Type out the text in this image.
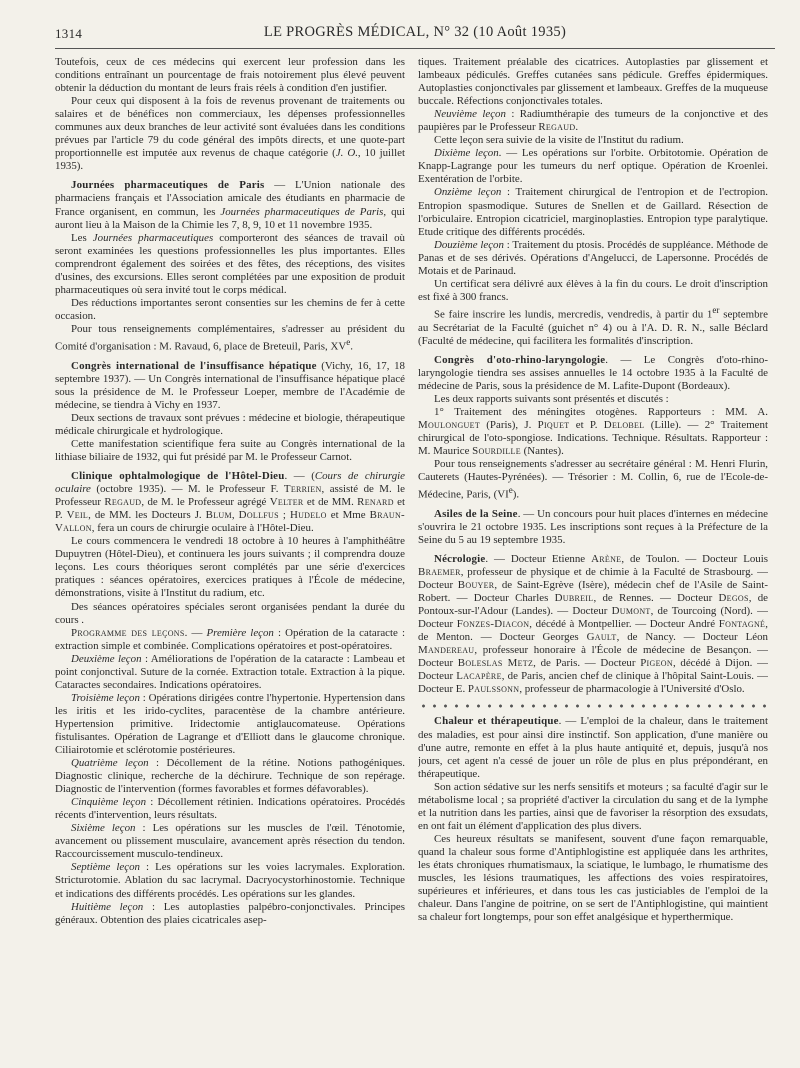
1314	LE PROGRÈS MÉDICAL, N° 32 (10 Août 1935)

Toutefois, ceux de ces médecins qui exercent leur profession dans les conditions entraînant un pourcentage de frais notoirement plus élevé peuvent obtenir la déduction du montant de leurs frais réels à condition d'en justifier.

Pour ceux qui disposent à la fois de revenus provenant de traitements ou salaires et de bénéfices non commerciaux, les dépenses professionnelles communes aux deux branches de leur activité sont évaluées dans les conditions prévues par l'article 79 du code général des impôts directs, et une quote-part proportionnelle est imputée aux revenus de chaque catégorie (J. O., 10 juillet 1935).

Journées pharmaceutiques de Paris — L'Union nationale des pharmaciens français et l'Association amicale des étudiants en pharmacie de France organisent, en commun, les Journées pharmaceutiques de Paris, qui auront lieu à la Maison de la Chimie les 7, 8, 9, 10 et 11 novembre 1935.

Les Journées pharmaceutiques comporteront des séances de travail où seront examinées les questions professionnelles les plus importantes. Elles comprendront également des soirées et des fêtes, des réceptions, des visites d'usines, des excursions. Elles seront complétées par une exposition de produit pharmaceutiques où sera invité tout le corps médical.

Des réductions importantes seront consenties sur les chemins de fer à cette occasion.

Pour tous renseignements complémentaires, s'adresser au président du Comité d'organisation : M. Ravaud, 6, place de Breteuil, Paris, XVe.

Congrès international de l'insuffisance hépatique (Vichy, 16, 17, 18 septembre 1937). — Un Congrès international de l'insuffisance hépatique placé sous la présidence de M. le Professeur Loeper, membre de l'Académie de médecine, se tiendra à Vichy en 1937.

Deux sections de travaux sont prévues : médecine et biologie, thérapeutique médicale chirurgicale et hydrologique.

Cette manifestation scientifique fera suite au Congrès international de la lithiase biliaire de 1932, qui fut présidé par M. le Professeur Carnot.

Clinique ophtalmologique de l'Hôtel-Dieu. — (Cours de chirurgie oculaire (octobre 1935). — M. le Professeur F. Terrien, assisté de M. le Professeur Regaud, de M. le Professeur agrégé Velter et de MM. Renard et P. Veil, de MM. les Docteurs J. Blum, Dollfus ; Hudelo et Mme Braun-Vallon, fera un cours de chirurgie oculaire à l'Hôtel-Dieu.

Le cours commencera le vendredi 18 octobre à 10 heures à l'amphithéâtre Dupuytren (Hôtel-Dieu), et continuera les jours suivants ; il comprendra douze leçons. Les cours théoriques seront complétés par une série d'exercices pratiques : séances opératoires, exercices pratiques à l'École de médecine, démonstrations, visite à l'Institut du radium, etc.

Des séances opératoires spéciales seront organisées pendant la durée du cours .

Programme des leçons. — Première leçon : Opération de la cataracte : extraction simple et combinée. Complications opératoires et post-opératoires.

Deuxième leçon : Améliorations de l'opération de la cataracte : Lambeau et point conjonctival. Suture de la cornée. Extraction totale. Extraction à la pique. Cataractes secondaires. Indications opératoires.

Troisième leçon : Opérations dirigées contre l'hypertonie. Hypertension dans les iritis et les irido-cyclites, paracentèse de la chambre antérieure. Hypertension primitive. Iridectomie antiglaucomateuse. Opérations fistulisantes. Opération de Lagrange et d'Elliott dans le glaucome chronique. Ciliairotomie et sclérotomie postérieures.

Quatrième leçon : Décollement de la rétine. Notions pathogéniques. Diagnostic clinique, recherche de la déchirure. Technique de son repérage. Diagnostic de l'intervention (formes favorables et formes défavorables).

Cinquième leçon : Décollement rétinien. Indications opératoires. Procédés récents d'intervention, leurs résultats.

Sixième leçon : Les opérations sur les muscles de l'œil. Ténotomie, avancement ou plissement musculaire, avancement après résection du tendon. Raccourcissement musculo-tendineux.

Septième leçon : Les opérations sur les voies lacrymales. Exploration. Stricturotomie. Ablation du sac lacrymal. Dacryocystorhinostomie. Technique et indications des différents procédés. Les opérations sur les glandes.

Huitième leçon : Les autoplasties palpébro-conjonctivales. Principes généraux. Obtention des plaies cicatricales asep-

tiques. Traitement préalable des cicatrices. Autoplasties par glissement et lambeaux pédiculés. Greffes cutanées sans pédicule. Greffes épidermiques. Autoplasties conjonctivales par glissement et lambeaux. Greffes de la muqueuse buccale. Réfections conjonctivales totales.

Neuvième leçon : Radiumthérapie des tumeurs de la conjonctive et des paupières par le Professeur Regaud.

Cette leçon sera suivie de la visite de l'Institut du radium.

Dixième leçon. — Les opérations sur l'orbite. Orbitotomie. Opération de Knapp-Lagrange pour les tumeurs du nerf optique. Opération de Kroenlei. Exentération de l'orbite.

Onzième leçon : Traitement chirurgical de l'entropion et de l'ectropion. Entropion spasmodique. Sutures de Snellen et de Gaillard. Résection de l'orbiculaire. Entropion cicatriciel, marginoplasties. Entropion type paralytique. Etude critique des différents procédés.

Douzième leçon : Traitement du ptosis. Procédés de suppléance. Méthode de Panas et de ses dérivés. Opérations d'Angelucci, de Lapersonne. Procédés de Motais et de Parinaud.

Un certificat sera délivré aux élèves à la fin du cours. Le droit d'inscription est fixé à 300 francs.

Se faire inscrire les lundis, mercredis, vendredis, à partir du 1er septembre au Secrétariat de la Faculté (guichet n° 4) ou à l'A. D. R. N., salle Béclard (Faculté de médecine, qui facilitera les formalités d'inscription.

Congrès d'oto-rhino-laryngologie. — Le Congrès d'oto-rhino-laryngologie tiendra ses assises annuelles le 14 octobre 1935 à la Faculté de médecine de Paris, sous la présidence de M. Lafite-Dupont (Bordeaux).

Les deux rapports suivants sont présentés et discutés :

1° Traitement des méningites otogènes. Rapporteurs : MM. A. Moulonguet (Paris), J. Piquet et P. Delobel (Lille). — 2° Traitement chirurgical de l'oto-spongiose. Indications. Technique. Résultats. Rapporteur : M. Maurice Sourdille (Nantes).

Pour tous renseignements s'adresser au secrétaire général : M. Henri Flurin, Cauterets (Hautes-Pyrénées). — Trésorier : M. Collin, 6, rue de l'Ecole-de-Médecine, Paris, (VIe).

Asiles de la Seine. — Un concours pour huit places d'internes en médecine s'ouvrira le 21 octobre 1935. Les inscriptions sont reçues à la Préfecture de la Seine du 5 au 19 septembre 1935.

Nécrologie. — Docteur Etienne Arène, de Toulon. — Docteur Louis Braemer, professeur de physique et de chimie à la Faculté de Strasbourg. — Docteur Bouyer, de Saint-Egrève (Isère), médecin chef de l'Asile de Saint-Robert. — Docteur Charles Dubreil, de Rennes. — Docteur Degos, de Pontoux-sur-l'Adour (Landes). — Docteur Dumont, de Tourcoing (Nord). — Docteur Fonzes-Diacon, décédé à Montpellier. — Docteur André Fontagné, de Menton. — Docteur Georges Gault, de Nancy. — Docteur Léon Mandereau, professeur honoraire à l'École de médecine de Besançon. — Docteur Boleslas Metz, de Paris. — Docteur Pigeon, décédé à Dijon. — Docteur Lacapère, de Paris, ancien chef de clinique à l'hôpital Saint-Louis. — Docteur E. Paulssonn, professeur de pharmacologie à l'Université d'Oslo.

Chaleur et thérapeutique. — L'emploi de la chaleur, dans le traitement des maladies, est pour ainsi dire instinctif. Son application, d'une manière ou d'une autre, remonte en effet à la plus haute antiquité et, depuis, jusqu'à nos jours, cet agent n'a cessé de jouer un rôle de plus en plus prépondérant, en thérapeutique.

Son action sédative sur les nerfs sensitifs et moteurs ; sa faculté d'agir sur le métabolisme local ; sa propriété d'activer la circulation du sang et de la lymphe et la nutrition dans les parties, ainsi que de favoriser la résorption des exsudats, en ont fait un élément d'application des plus divers.

Ces heureux résultats se manifesent, souvent d'une façon remarquable, quand la chaleur sous forme d'Antiphlogistine est appliquée dans les arthrites, les états chroniques rhumatismaux, la sciatique, le lumbago, le rhumatisme des muscles, les lésions traumatiques, les affections des voies respiratoires, supérieures et inférieures, et dans tous les cas justiciables de l'emploi de la chaleur. Dans l'angine de poitrine, on se sert de l'Antiphlogistine, qui maintient sa chaleur fort longtemps, pour son effet analgésique et hyperthermique.
